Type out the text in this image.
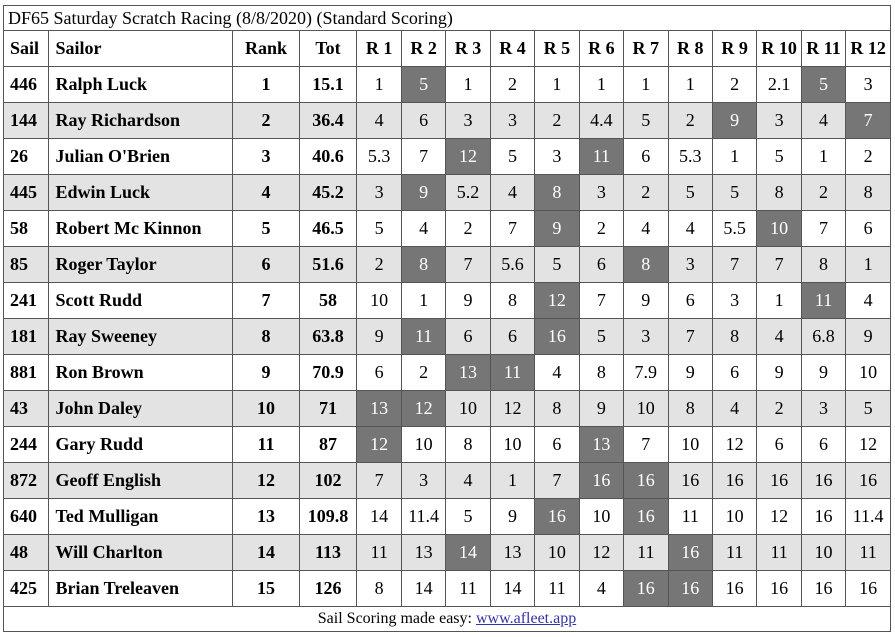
DF65 Saturday Scratch Racing (8/8/2020) (Standard Scoring)															
Sail	Sailor	Rank	Tot	R 1	R 2	R 3	R 4	R 5	R 6	R 7	R 8	R 9	R 10	R 11	R 12
446	Ralph Luck	1	15.1	1	5	1	2	1	1	1	1	2	2.1	5	3
144	Ray Richardson	2	36.4	4	6	3	3	2	4.4	5	2	9	3	4	7
26	Julian O'Brien	3	40.6	5.3	7	12	5	3	11	6	5.3	1	5	1	2
445	Edwin Luck	4	45.2	3	9	5.2	4	8	3	2	5	5	8	2	8
58	Robert Mc Kinnon	5	46.5	5	4	2	7	9	2	4	4	5.5	10	7	6
85	Roger Taylor	6	51.6	2	8	7	5.6	5	6	8	3	7	7	8	1
241	Scott Rudd	7	58	10	1	9	8	12	7	9	6	3	1	11	4
181	Ray Sweeney	8	63.8	9	11	6	6	16	5	3	7	8	4	6.8	9
881	Ron Brown	9	70.9	6	2	13	11	4	8	7.9	9	6	9	9	10
43	John Daley	10	71	13	12	10	12	8	9	10	8	4	2	3	5
244	Gary Rudd	11	87	12	10	8	10	6	13	7	10	12	6	6	12
872	Geoff English	12	102	7	3	4	1	7	16	16	16	16	16	16	16
640	Ted Mulligan	13	109.8	14	11.4	5	9	16	10	16	11	10	12	16	11.4
48	Will Charlton	14	113	11	13	14	13	10	12	11	16	11	11	10	11
425	Brian Treleaven	15	126	8	14	11	14	11	4	16	16	16	16	16	16
Sail Scoring made easy: www.afleet.app															
